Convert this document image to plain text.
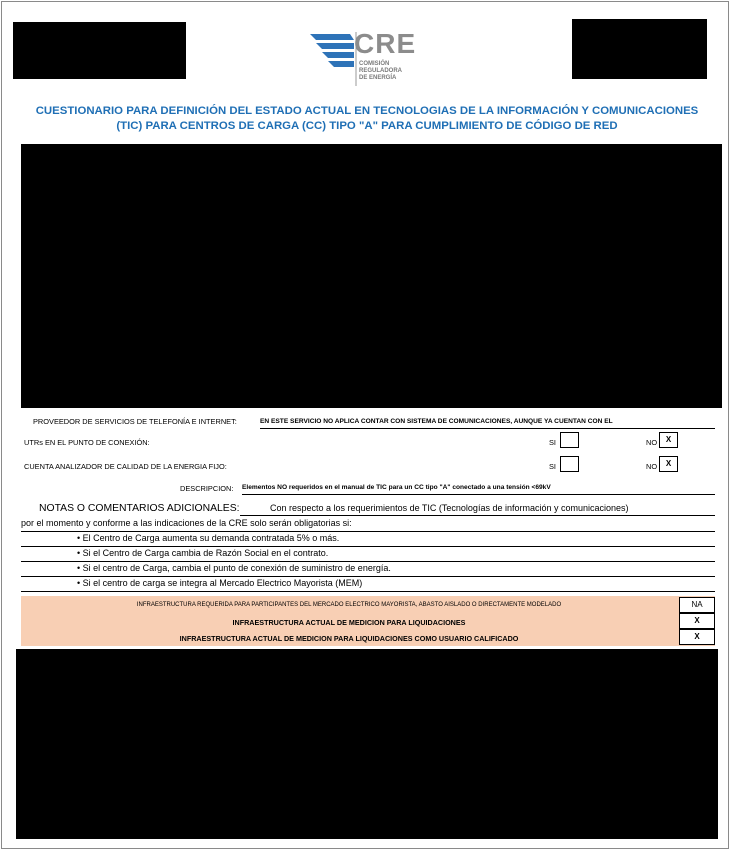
CRE
COMISIÓN
REGULADORA
DE ENERGÍA
CUESTIONARIO PARA DEFINICIÓN DEL ESTADO ACTUAL EN TECNOLOGIAS DE LA INFORMACIÓN Y COMUNICACIONES
(TIC) PARA CENTROS DE CARGA (CC) TIPO "A" PARA CUMPLIMIENTO DE CÓDIGO DE RED
PROVEEDOR DE SERVICIOS DE TELEFONÍA E INTERNET:	EN ESTE SERVICIO NO APLICA CONTAR CON SISTEMA DE COMUNICACIONES, AUNQUE YA CUENTAN CON EL
UTRs EN EL PUNTO DE CONEXIÓN:	SI	NO	X
CUENTA ANALIZADOR DE CALIDAD DE LA ENERGIA FIJO:	SI	NO	X
DESCRIPCION: Elementos NO requeridos en el manual de TIC para un CC tipo "A" conectado a una tensión <69kV
NOTAS O COMENTARIOS ADICIONALES:	Con respecto a los requerimientos de TIC (Tecnologías de información y comunicaciones)
por el momento y conforme a las indicaciones de la CRE solo serán obligatorias si:
• El Centro de Carga aumenta su demanda contratada 5% o más.
• Si el Centro de Carga cambia de Razón Social en el contrato.
• Si el centro de Carga, cambia el punto de conexión de suministro de energía.
• Si el centro de carga se integra al Mercado Electrico Mayorista (MEM)
INFRAESTRUCTURA REQUERIDA PARA PARTICIPANTES DEL MERCADO ELECTRICO MAYORISTA, ABASTO AISLADO O DIRECTAMENTE MODELADO	NA
INFRAESTRUCTURA ACTUAL DE MEDICION PARA LIQUIDACIONES	X
INFRAESTRUCTURA ACTUAL DE MEDICION PARA LIQUIDACIONES COMO USUARIO CALIFICADO	X
